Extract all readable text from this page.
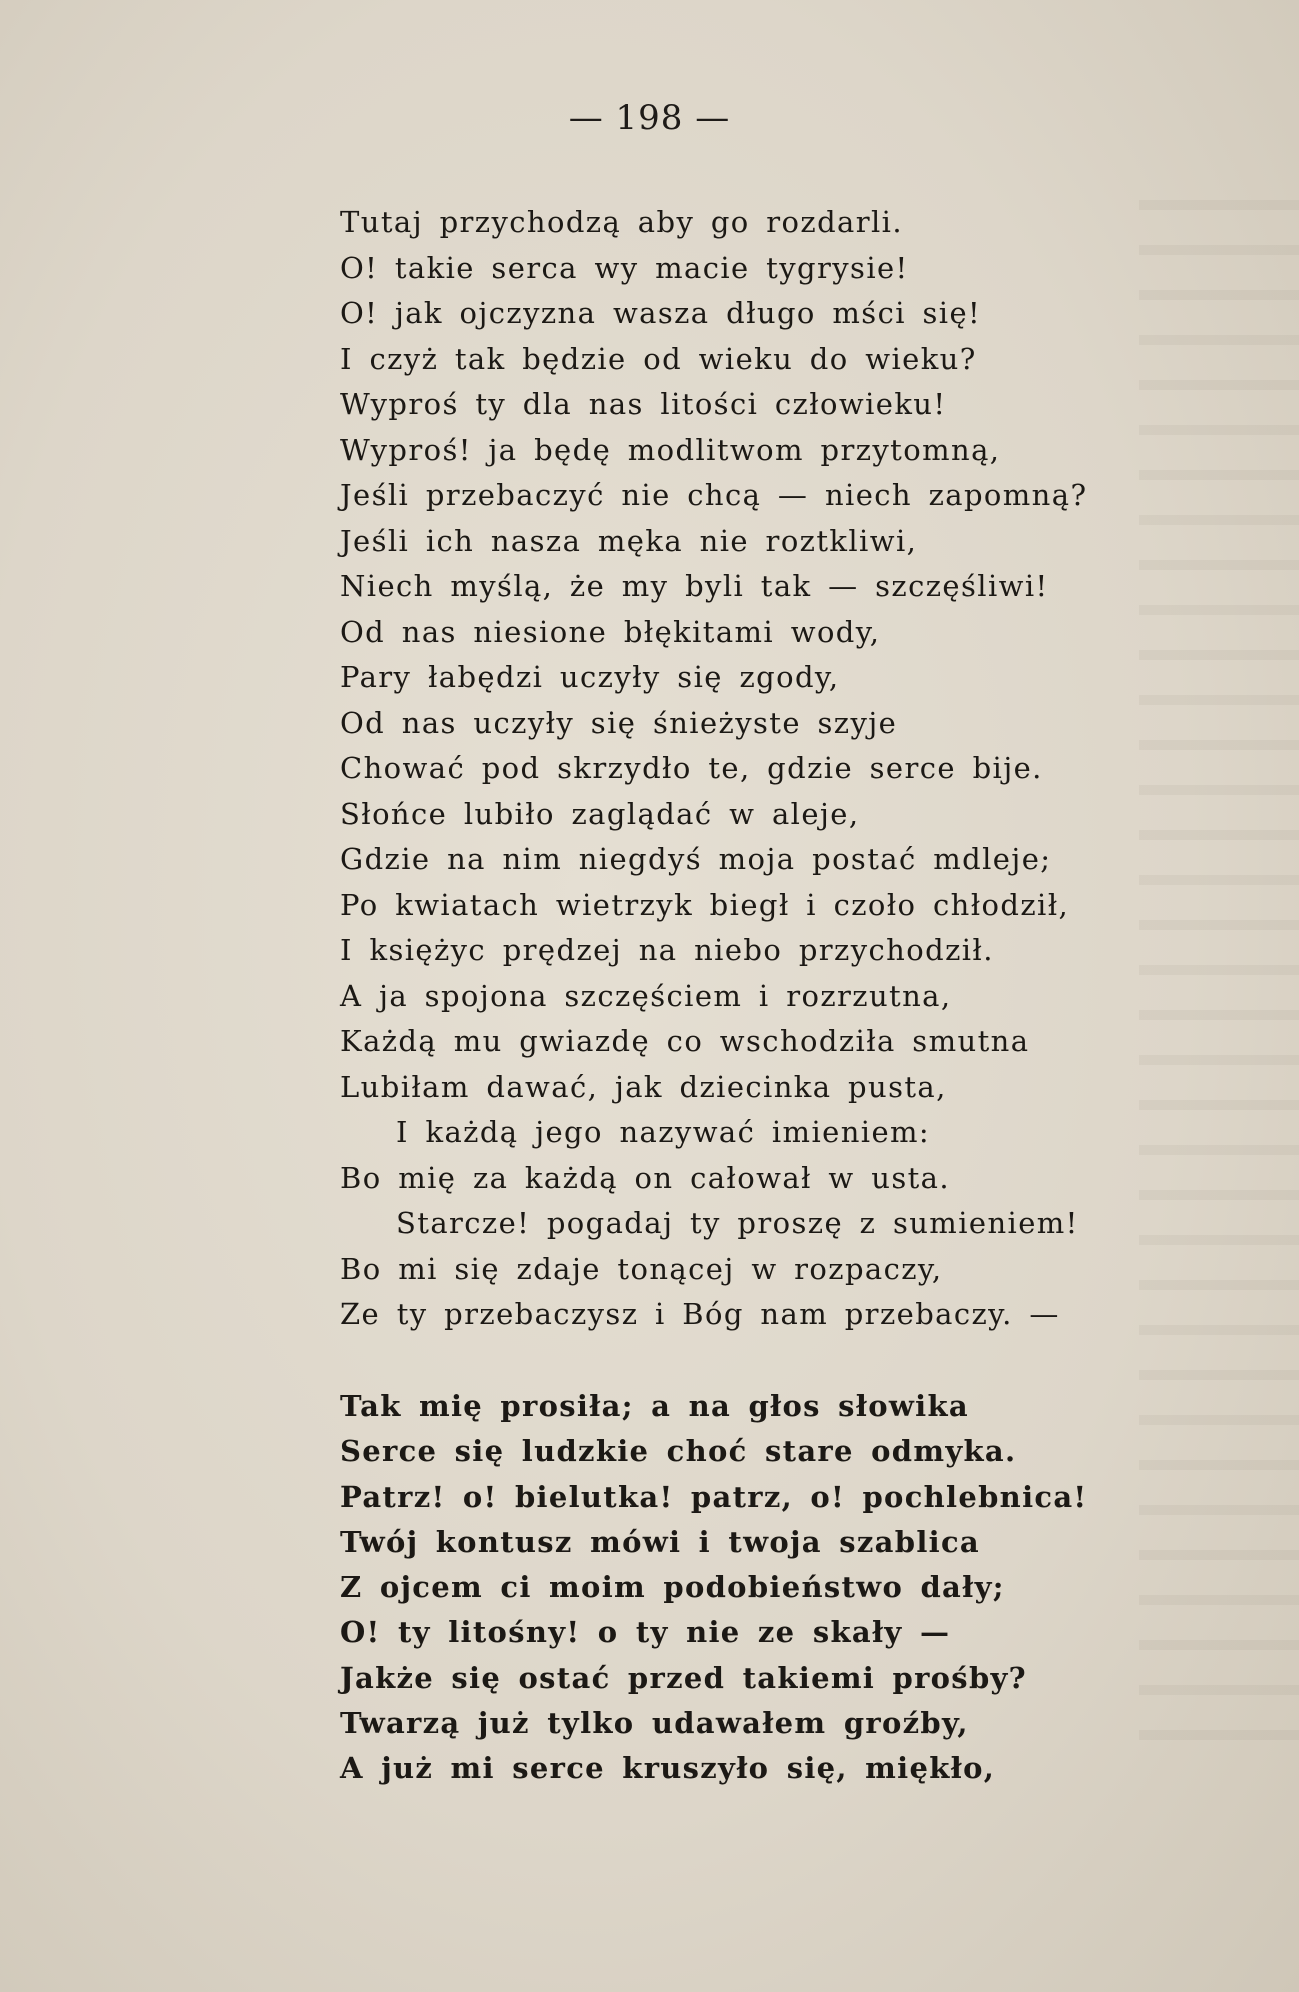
— 198 —
Tutaj przychodzą aby go rozdarli.
O! takie serca wy macie tygrysie!
O! jak ojczyzna wasza długo mści się!
I czyż tak będzie od wieku do wieku?
Wyproś ty dla nas litości człowieku!
Wyproś! ja będę modlitwom przytomną,
Jeśli przebaczyć nie chcą — niech zapomną?
Jeśli ich nasza męka nie roztkliwi,
Niech myślą, że my byli tak — szczęśliwi!
Od nas niesione błękitami wody,
Pary łabędzi uczyły się zgody,
Od nas uczyły się śnieżyste szyje
Chować pod skrzydło te, gdzie serce bije.
Słońce lubiło zaglądać w aleje,
Gdzie na nim niegdyś moja postać mdleje;
Po kwiatach wietrzyk biegł i czoło chłodził,
I księżyc prędzej na niebo przychodził.
A ja spojona szczęściem i rozrzutna,
Każdą mu gwiazdę co wschodziła smutna
Lubiłam dawać, jak dziecinka pusta,
I każdą jego nazywać imieniem:
Bo mię za każdą on całował w usta.
Starcze! pogadaj ty proszę z sumieniem!
Bo mi się zdaje tonącej w rozpaczy,
Ze ty przebaczysz i Bóg nam przebaczy. —
Tak mię prosiła; a na głos słowika
Serce się ludzkie choć stare odmyka.
Patrz! o! bielutka! patrz, o! pochlebnica!
Twój kontusz mówi i twoja szablica
Z ojcem ci moim podobieństwo dały;
O! ty litośny! o ty nie ze skały —
Jakże się ostać przed takiemi prośby?
Twarzą już tylko udawałem groźby,
A już mi serce kruszyło się, miękło,
